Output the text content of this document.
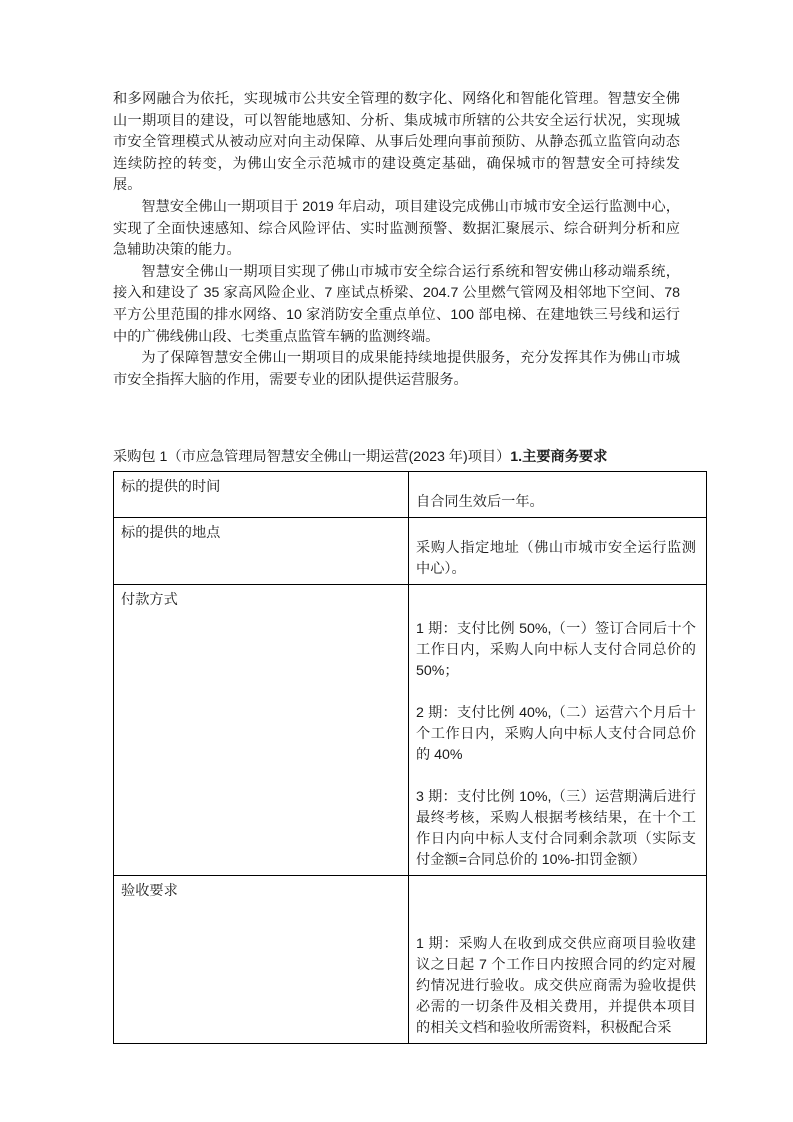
和多网融合为依托，实现城市公共安全管理的数字化、网络化和智能化管理。智慧安全佛山一期项目的建设，可以智能地感知、分析、集成城市所辖的公共安全运行状况，实现城市安全管理模式从被动应对向主动保障、从事后处理向事前预防、从静态孤立监管向动态连续防控的转变，为佛山安全示范城市的建设奠定基础，确保城市的智慧安全可持续发展。

智慧安全佛山一期项目于 2019 年启动，项目建设完成佛山市城市安全运行监测中心，实现了全面快速感知、综合风险评估、实时监测预警、数据汇聚展示、综合研判分析和应急辅助决策的能力。

智慧安全佛山一期项目实现了佛山市城市安全综合运行系统和智安佛山移动端系统，接入和建设了 35 家高风险企业、7 座试点桥梁、204.7 公里燃气管网及相邻地下空间、78 平方公里范围的排水网络、10 家消防安全重点单位、100 部电梯、在建地铁三号线和运行中的广佛线佛山段、七类重点监管车辆的监测终端。

为了保障智慧安全佛山一期项目的成果能持续地提供服务，充分发挥其作为佛山市城市安全指挥大脑的作用，需要专业的团队提供运营服务。

采购包 1（市应急管理局智慧安全佛山一期运营(2023 年)项目）1.主要商务要求
标的提供的时间	自合同生效后一年。

标的提供的地点	采购人指定地址（佛山市城市安全运行监测中心）。

付款方式	1 期：支付比例 50%,（一）签订合同后十个工作日内，采购人向中标人支付合同总价的 50%；

2 期：支付比例 40%,（二）运营六个月后十个工作日内，采购人向中标人支付合同总价的 40%

3 期：支付比例 10%,（三）运营期满后进行最终考核，采购人根据考核结果，在十个工作日内向中标人支付合同剩余款项（实际支付金额=合同总价的 10%-扣罚金额）

验收要求	1 期：采购人在收到成交供应商项目验收建议之日起 7 个工作日内按照合同的约定对履约情况进行验收。成交供应商需为验收提供必需的一切条件及相关费用，并提供本项目的相关文档和验收所需资料，积极配合采
